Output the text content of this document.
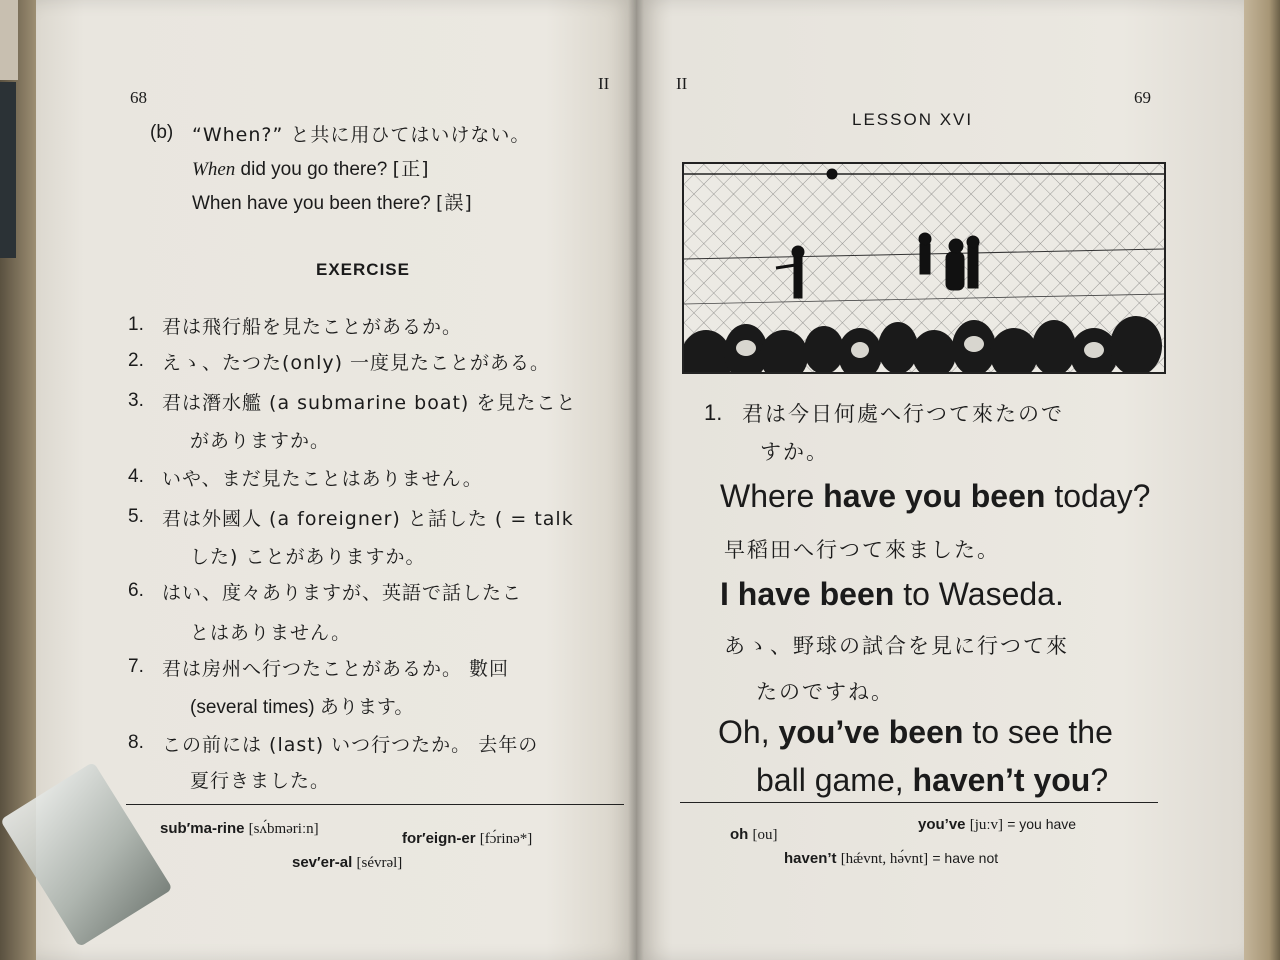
68
II
(b) “When?” と共に用ひてはいけない。
When did you go there? [正]
When have you been there? [誤]
EXERCISE
1. 君は飛行船を見たことがあるか。
2. えゝ、たつた(only) 一度見たことがある。
3. 君は潛水艦 (a submarine boat) を見たこと
がありますか。
4. いや、まだ見たことはありません。
5. 君は外國人 (a foreigner) と話した ( = talk
した) ことがありますか。
6. はい、度々ありますが、英語で話したこ
とはありません。
7. 君は房州へ行つたことがあるか。 數回
(several times) あります。
8. この前には (last) いつ行つたか。 去年の
夏行きました。
sub′ma-rine [sʌ́bməriːn]
for′eign-er [fɔ́rinə*]
sev′er-al [sévrəl]
II
69
LESSON XVI
1. 君は今日何處へ行つて來たので
すか。
Where have you been today?
早稻田へ行つて來ました。
I have been to Waseda.
あゝ、野球の試合を見に行つて來
たのですね。
Oh, you’ve been to see the
ball game, haven’t you?
oh [ou]
you’ve [juːv] = you have
haven’t [hǽvnt, hə́vnt] = have not
